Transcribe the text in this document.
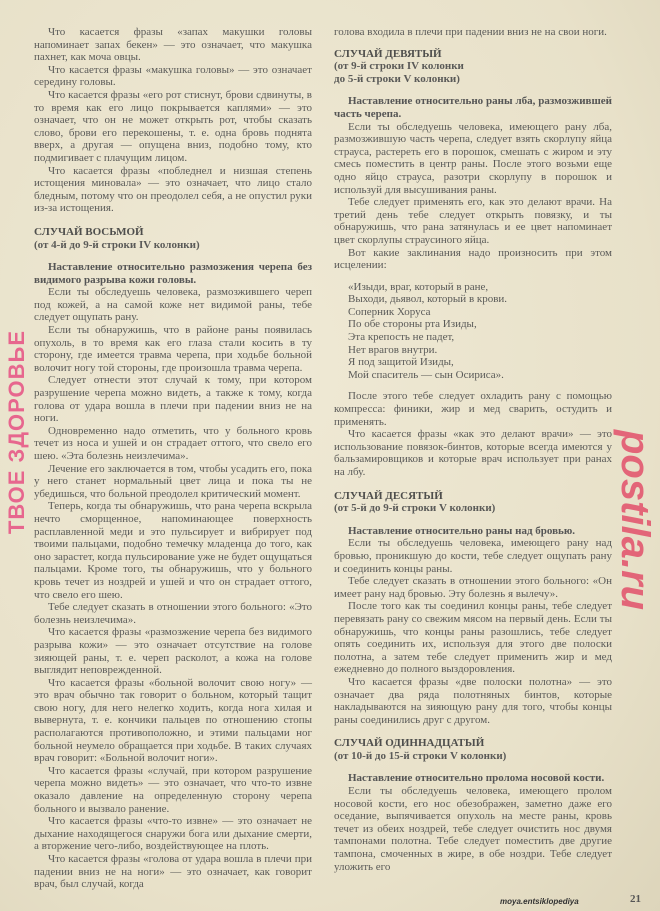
Что касается фразы «запах макушки головы напоминает запах бекен» — это означает, что макушка пахнет, как моча овцы.

Что касается фразы «макушка головы» — это означает середину головы.

Что касается фразы «его рот стиснут, брови сдвинуты, в то время как его лицо покрывается каплями» — это означает, что он не может открыть рот, чтобы сказать слово, брови его перекошены, т. е. одна бровь поднята вверх, а другая — опущена вниз, подобно тому, кто подмигивает с плачущим лицом.

Что касается фразы «побледнел и низшая степень истощения миновала» — это означает, что лицо стало бледным, потому что он преодолел себя, а не опустил руки из-за истощения.

СЛУЧАЙ ВОСЬМОЙ

(от 4-й до 9-й строки IV колонки)

Наставление относительно размозжения черепа без видимого разрыва кожи головы.

Если ты обследуешь человека, размозжившего череп под кожей, а на самой коже нет видимой раны, тебе следует ощупать рану.

Если ты обнаружишь, что в районе раны появилась опухоль, в то время как его глаза стали косить в ту сторону, где имеется травма черепа, при ходьбе больной волочит ногу той стороны, где произошла травма черепа.

Следует отнести этот случай к тому, при котором разрушение черепа можно видеть, а также к тому, когда голова от удара вошла в плечи при падении вниз не на ноги.

Одновременно надо отметить, что у больного кровь течет из носа и ушей и он страдает оттого, что свело его шею. «Эта болезнь неизлечима».

Лечение его заключается в том, чтобы усадить его, пока у него станет нормальный цвет лица и пока ты не убедишься, что больной преодолел критический момент.

Теперь, когда ты обнаружишь, что рана черепа вскрыла нечто сморщенное, напоминающее поверхность расплавленной меди и это пульсирует и вибрирует под твоими пальцами, подобно темечку младенца до того, как оно зарастет, когда пульсирование уже не будет ощущаться пальцами. Кроме того, ты обнаружишь, что у больного кровь течет из ноздрей и ушей и что он страдает оттого, что свело его шею.

Тебе следует сказать в отношении этого больного: «Это болезнь неизлечима».

Что касается фразы «размозжение черепа без видимого разрыва кожи» — это означает отсутствие на голове зияющей раны, т. е. череп расколот, а кожа на голове выглядит неповрежденной.

Что касается фразы «больной волочит свою ногу» — это врач обычно так говорит о больном, который тащит свою ногу, для него нелегко ходить, когда нога хилая и вывернута, т. е. кончики пальцев по отношению стопы располагаются противоположно, и этими пальцами ног больной неумело обращается при ходьбе. В таких случаях врач говорит: «Больной волочит ноги».

Что касается фразы «случай, при котором разрушение черепа можно видеть» — это означает, что что-то извне оказало давление на определенную сторону черепа больного и вызвало ранение.

Что касается фразы «что-то извне» — это означает не дыхание находящегося снаружи бога или дыхание смерти, а вторжение чего-либо, воздействующее на плоть.

Что касается фразы «голова от удара вошла в плечи при падении вниз не на ноги» — это означает, как говорит врач, был случай, когда

голова входила в плечи при падении вниз не на свои ноги.

СЛУЧАЙ ДЕВЯТЫЙ

(от 9-й строки IV колонки
до 5-й строки V колонки)

Наставление относительно раны лба, размозжившей часть черепа.

Если ты обследуешь человека, имеющего рану лба, размозжившую часть черепа, следует взять скорлупу яйца страуса, растереть его в порошок, смешать с жиром и эту смесь поместить в центр раны. После этого возьми еще одно яйцо страуса, разотри скорлупу в порошок и используй для высушивания раны.

Тебе следует применять его, как это делают врачи. На третий день тебе следует открыть повязку, и ты обнаружишь, что рана затянулась и ее цвет напоминает цвет скорлупы страусиного яйца.

Вот какие заклинания надо произносить при этом исцелении:

«Изыди, враг, который в ране,

Выходи, дьявол, который в крови.

Соперник Хоруса

По обе стороны рта Изиды,

Эта крепость не падет,

Нет врагов внутри.

Я под защитой Изиды,

Мой спаситель — сын Осириса».

После этого тебе следует охладить рану с помощью компресса: финики, жир и мед сварить, остудить и применять.

Что касается фразы «как это делают врачи» — это использование повязок-бинтов, которые всегда имеются у бальзамировщиков и которые врач использует при ранах на лбу.

СЛУЧАЙ ДЕСЯТЫЙ

(от 5-й до 9-й строки V колонки)

Наставление относительно раны над бровью.

Если ты обследуешь человека, имеющего рану над бровью, проникшую до кости, тебе следует ощупать рану и соединить концы раны.

Тебе следует сказать в отношении этого больного: «Он имеет рану над бровью. Эту болезнь я вылечу».

После того как ты соединил концы раны, тебе следует перевязать рану со свежим мясом на первый день. Если ты обнаружишь, что концы раны разошлись, тебе следует опять соединить их, используя для этого две полоски полотна, а затем тебе следует применить жир и мед ежедневно до полного выздоровления.

Что касается фразы «две полоски полотна» — это означает два ряда полотняных бинтов, которые накладываются на зияющую рану для того, чтобы концы раны соединились друг с другом.

СЛУЧАЙ ОДИННАДЦАТЫЙ

(от 10-й до 15-й строки V колонки)

Наставление относительно пролома носовой кости.

Если ты обследуешь человека, имеющего пролом носовой кости, его нос обезображен, заметно даже его оседание, выпячивается опухоль на месте раны, кровь течет из обеих ноздрей, тебе следует очистить нос двумя тампонами полотна. Тебе следует поместить две другие тампона, смоченных в жире, в обе ноздри. Тебе следует уложить его

21
ТВОЕ ЗДОРОВЬЕ	postila.ru
moya.entsiklopediya
